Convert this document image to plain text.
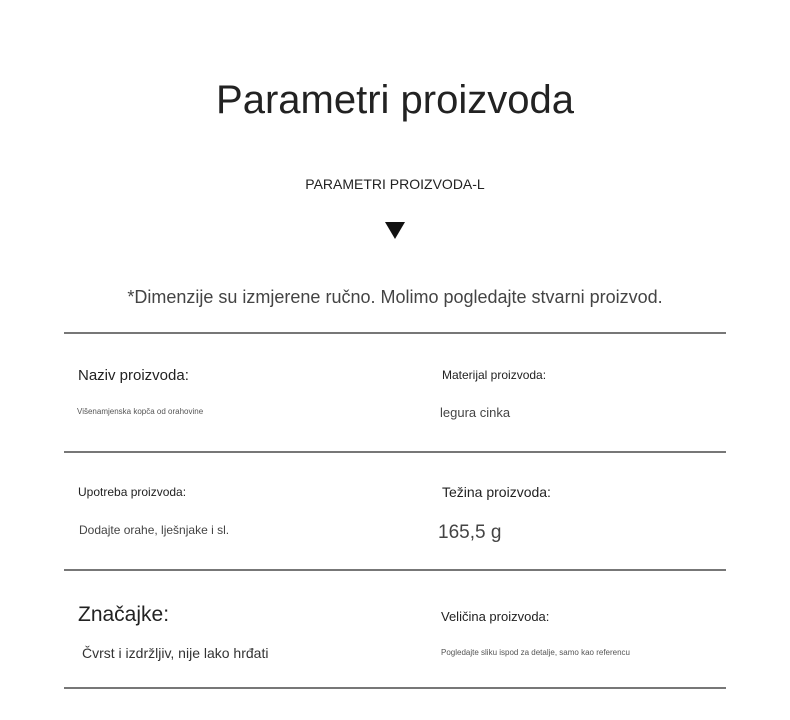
Parametri proizvoda
PARAMETRI PROIZVODA-L
*Dimenzije su izmjerene ručno. Molimo pogledajte stvarni proizvod.
Naziv proizvoda:
Višenamjenska kopča od orahovine
Materijal proizvoda:
legura cinka
Upotreba proizvoda:
Dodajte orahe, lješnjake i sl.
Težina proizvoda:
165,5 g
Značajke:
Čvrst i izdržljiv, nije lako hrđati
Veličina proizvoda:
Pogledajte sliku ispod za detalje, samo kao referencu
